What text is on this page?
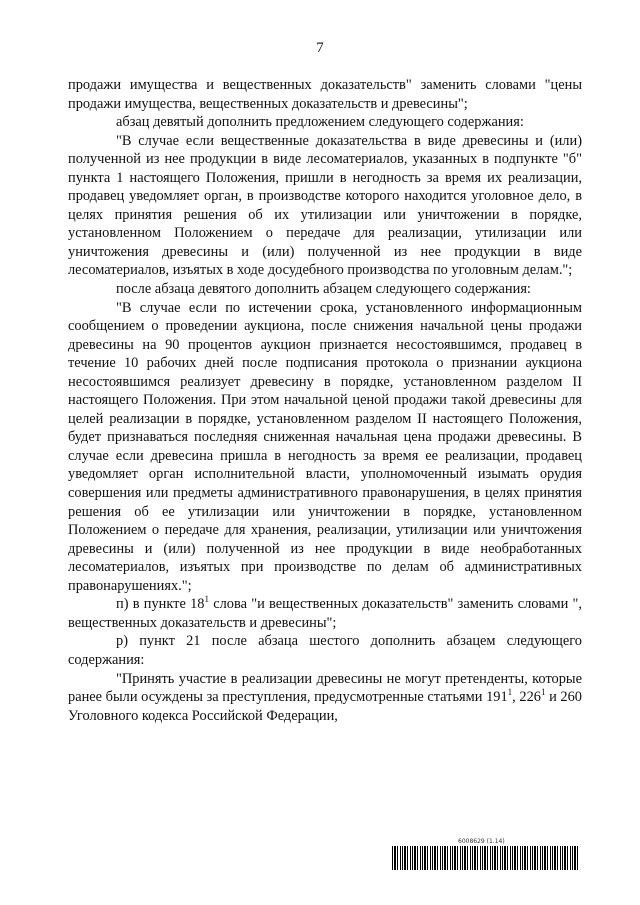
7

продажи имущества и вещественных доказательств" заменить словами "цены продажи имущества, вещественных доказательств и древесины";

абзац девятый дополнить предложением следующего содержания:

"В случае если вещественные доказательства в виде древесины и (или) полученной из нее продукции в виде лесоматериалов, указанных в подпункте "б" пункта 1 настоящего Положения, пришли в негодность за время их реализации, продавец уведомляет орган, в производстве которого находится уголовное дело, в целях принятия решения об их утилизации или уничтожении в порядке, установленном Положением о передаче для реализации, утилизации или уничтожения древесины и (или) полученной из нее продукции в виде лесоматериалов, изъятых в ходе досудебного производства по уголовным делам.";

после абзаца девятого дополнить абзацем следующего содержания:

"В случае если по истечении срока, установленного информационным сообщением о проведении аукциона, после снижения начальной цены продажи древесины на 90 процентов аукцион признается несостоявшимся, продавец в течение 10 рабочих дней после подписания протокола о признании аукциона несостоявшимся реализует древесину в порядке, установленном разделом II настоящего Положения. При этом начальной ценой продажи такой древесины для целей реализации в порядке, установленном разделом II настоящего Положения, будет признаваться последняя сниженная начальная цена продажи древесины. В случае если древесина пришла в негодность за время ее реализации, продавец уведомляет орган исполнительной власти, уполномоченный изымать орудия совершения или предметы административного правонарушения, в целях принятия решения об ее утилизации или уничтожении в порядке, установленном Положением о передаче для хранения, реализации, утилизации или уничтожения древесины и (или) полученной из нее продукции в виде необработанных лесоматериалов, изъятых при производстве по делам об административных правонарушениях.";

п) в пункте $18^1$ слова "и вещественных доказательств" заменить словами ", вещественных доказательств и древесины";

р) пункт 21 после абзаца шестого дополнить абзацем следующего содержания:

"Принять участие в реализации древесины не могут претенденты, которые ранее были осуждены за преступления, предусмотренные статьями $191^1$, $226^1$ и 260 Уголовного кодекса Российской Федерации,

6008629 (1.14)
